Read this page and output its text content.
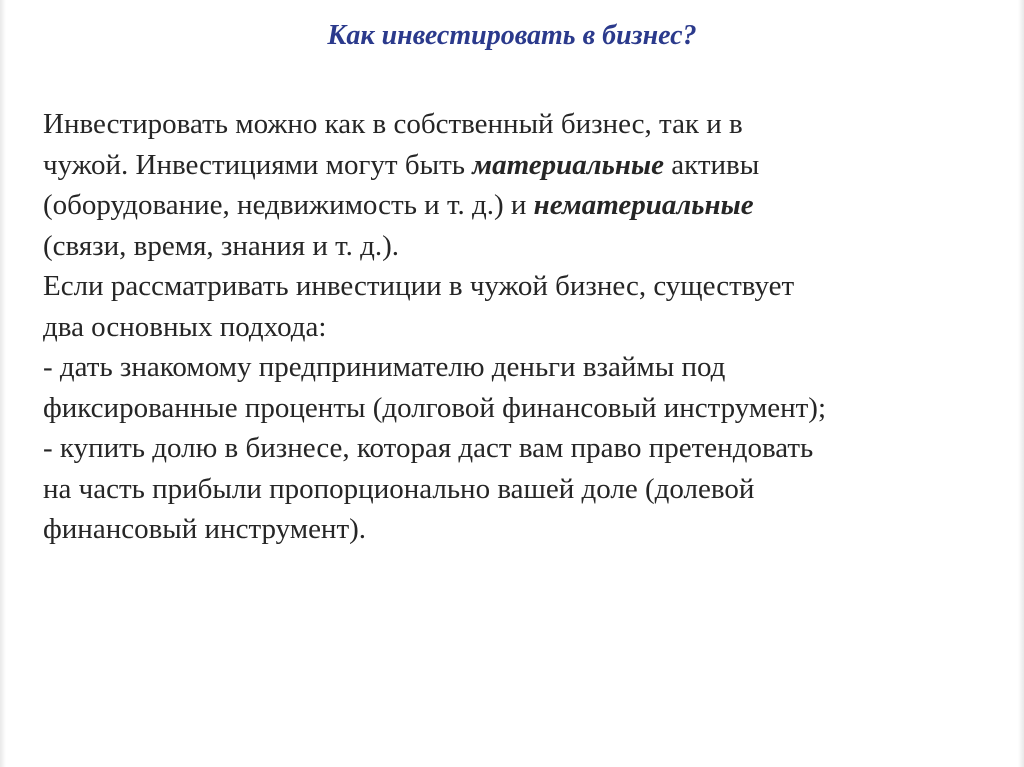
Как инвестировать в бизнес?
Инвестировать можно как в собственный бизнес, так и в
чужой. Инвестициями могут быть материальные активы
(оборудование, недвижимость и т. д.) и нематериальные
(связи, время, знания и т. д.).
Если рассматривать инвестиции в чужой бизнес, существует
два основных подхода:
- дать знакомому предпринимателю деньги взаймы под
фиксированные проценты (долговой финансовый инструмент);
- купить долю в бизнесе, которая даст вам право претендовать
на часть прибыли пропорционально вашей доле (долевой
финансовый инструмент).
